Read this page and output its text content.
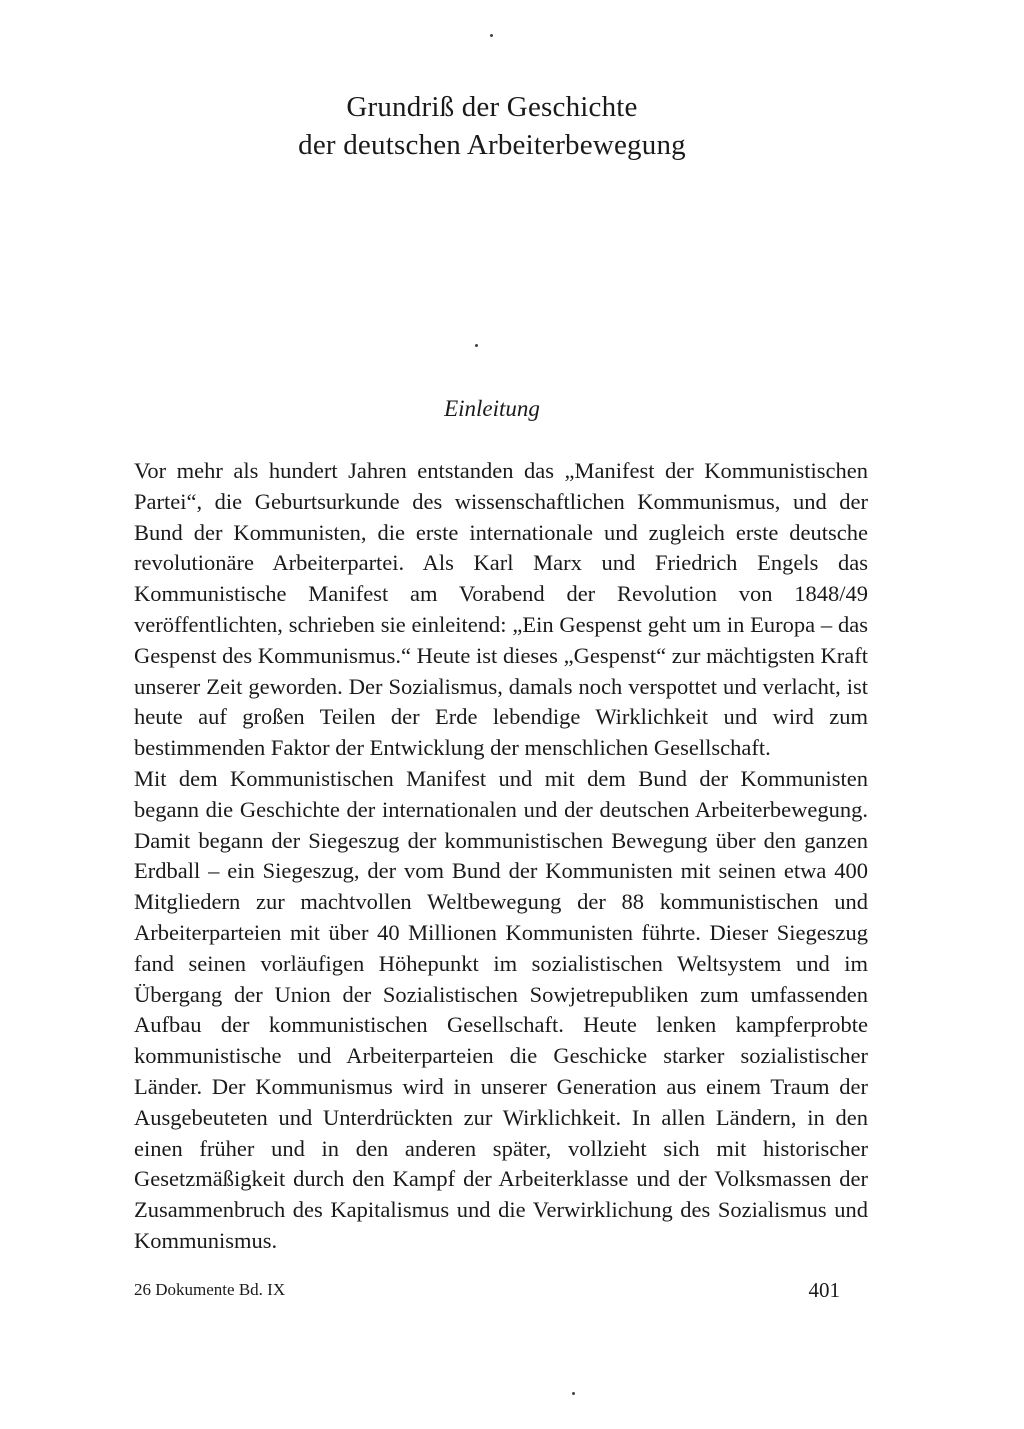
Grundriß der Geschichte
der deutschen Arbeiterbewegung
Einleitung

Vor mehr als hundert Jahren entstanden das „Manifest der Kommunistischen Partei“, die Geburtsurkunde des wissenschaftlichen Kommunismus, und der Bund der Kommunisten, die erste internationale und zugleich erste deutsche revolutionäre Arbeiterpartei. Als Karl Marx und Friedrich Engels das Kommunistische Manifest am Vorabend der Revolution von 1848/49 veröffentlichten, schrieben sie einleitend: „Ein Gespenst geht um in Europa – das Gespenst des Kommunismus.“ Heute ist dieses „Gespenst“ zur mächtigsten Kraft unserer Zeit geworden. Der Sozialismus, damals noch verspottet und verlacht, ist heute auf großen Teilen der Erde lebendige Wirklichkeit und wird zum bestimmenden Faktor der Entwicklung der menschlichen Gesellschaft.

Mit dem Kommunistischen Manifest und mit dem Bund der Kommunisten begann die Geschichte der internationalen und der deutschen Arbeiterbewegung. Damit begann der Siegeszug der kommunistischen Bewegung über den ganzen Erdball – ein Siegeszug, der vom Bund der Kommunisten mit seinen etwa 400 Mitgliedern zur machtvollen Weltbewegung der 88 kommunistischen und Arbeiterparteien mit über 40 Millionen Kommunisten führte. Dieser Siegeszug fand seinen vorläufigen Höhepunkt im sozialistischen Weltsystem und im Übergang der Union der Sozialistischen Sowjetrepubliken zum umfassenden Aufbau der kommunistischen Gesellschaft. Heute lenken kampferprobte kommunistische und Arbeiterparteien die Geschicke starker sozialistischer Länder. Der Kommunismus wird in unserer Generation aus einem Traum der Ausgebeuteten und Unterdrückten zur Wirklichkeit. In allen Ländern, in den einen früher und in den anderen später, vollzieht sich mit historischer Gesetzmäßigkeit durch den Kampf der Arbeiterklasse und der Volksmassen der Zusammenbruch des Kapitalismus und die Verwirklichung des Sozialismus und Kommunismus.

26 Dokumente Bd. IX	401
